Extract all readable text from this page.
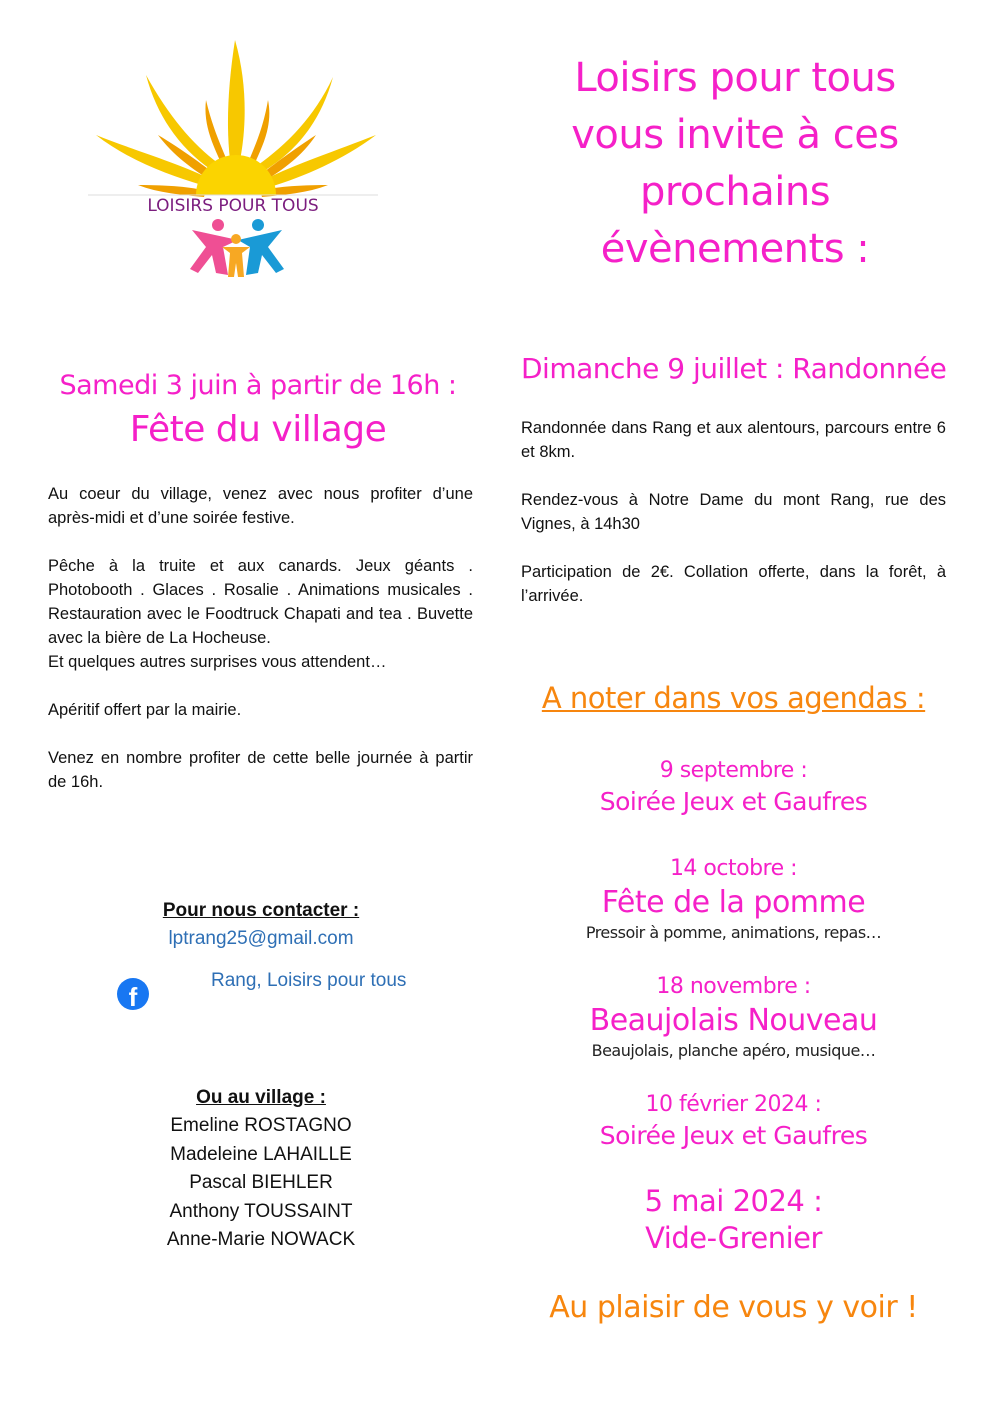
LOISIRS POUR TOUS
Loisirs pour tous
vous invite à ces
prochains
évènements :
Samedi 3 juin à partir de 16h :
Fête du village

Au coeur du village, venez avec nous profiter d’une après-midi et d’une soirée festive.

Pêche à la truite et aux canards. Jeux géants . Photobooth . Glaces . Rosalie . Animations musicales . Restauration avec le Foodtruck Chapati and tea . Buvette avec la bière de La Hocheuse.

Et quelques autres surprises vous attendent…

Apéritif offert par la mairie.

Venez en nombre profiter de cette belle journée à partir de 16h.

Dimanche 9 juillet : Randonnée

Randonnée dans Rang et aux alentours, parcours entre 6 et 8km.

Rendez-vous à Notre Dame du mont Rang, rue des Vignes, à 14h30

Participation de 2€. Collation offerte, dans la forêt, à l’arrivée.

A noter dans vos agendas :
9 septembre :
Soirée Jeux et Gaufres
14 octobre :
Fête de la pomme
Pressoir à pomme, animations, repas…
18 novembre :
Beaujolais Nouveau
Beaujolais, planche apéro, musique…
10 février 2024 :
Soirée Jeux et Gaufres
5 mai 2024 :
Vide-Grenier
Au plaisir de vous y voir !
Pour nous contacter :
lptrang25@gmail.com
f
Rang, Loisirs pour tous
Ou au village :
Emeline ROSTAGNO
Madeleine LAHAILLE
Pascal BIEHLER
Anthony TOUSSAINT
Anne-Marie NOWACK
